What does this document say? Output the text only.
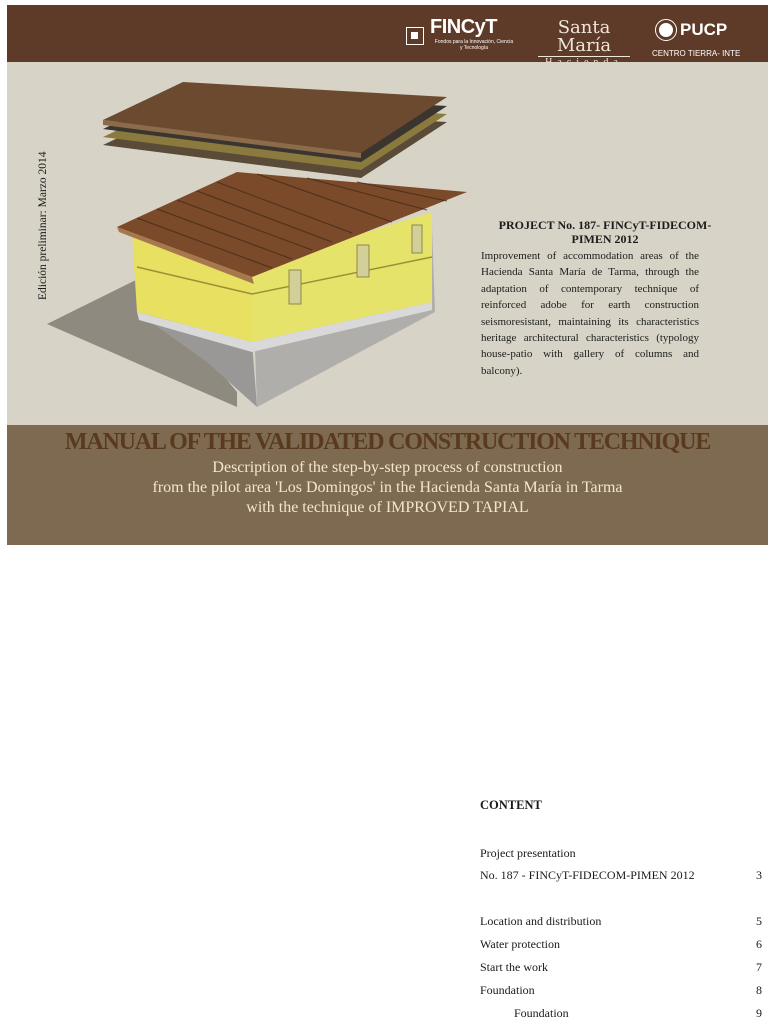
FINCyT
Fondos para la Innovación, Ciencia y Tecnología
Santa María
PUCP
CENTRO TIERRA- INTE
Edición preliminar: Marzo 2014	PROJECT No. 187- FINCyT-FIDECOM-PIMEN 2012
Improvement of accommodation areas of the Hacienda Santa María de Tarma, through the adaptation of contemporary technique of reinforced adobe for earth construction seismoresistant, maintaining its characteristics heritage architectural characteristics (typology house-patio with gallery of columns and balcony).
MANUAL OF THE VALIDATED CONSTRUCTION TECHNIQUE
Description of the step-by-step process of construction
from the pilot area 'Los Domingos' in the Hacienda Santa María in Tarma
with the technique of IMPROVED TAPIAL
CONTENT
Project presentation
No. 187 - FINCyT-FIDECOM-PIMEN 2012	3
Location and distribution	5
Water protection	6
Start the work	7
Foundation	8
Foundation	9
